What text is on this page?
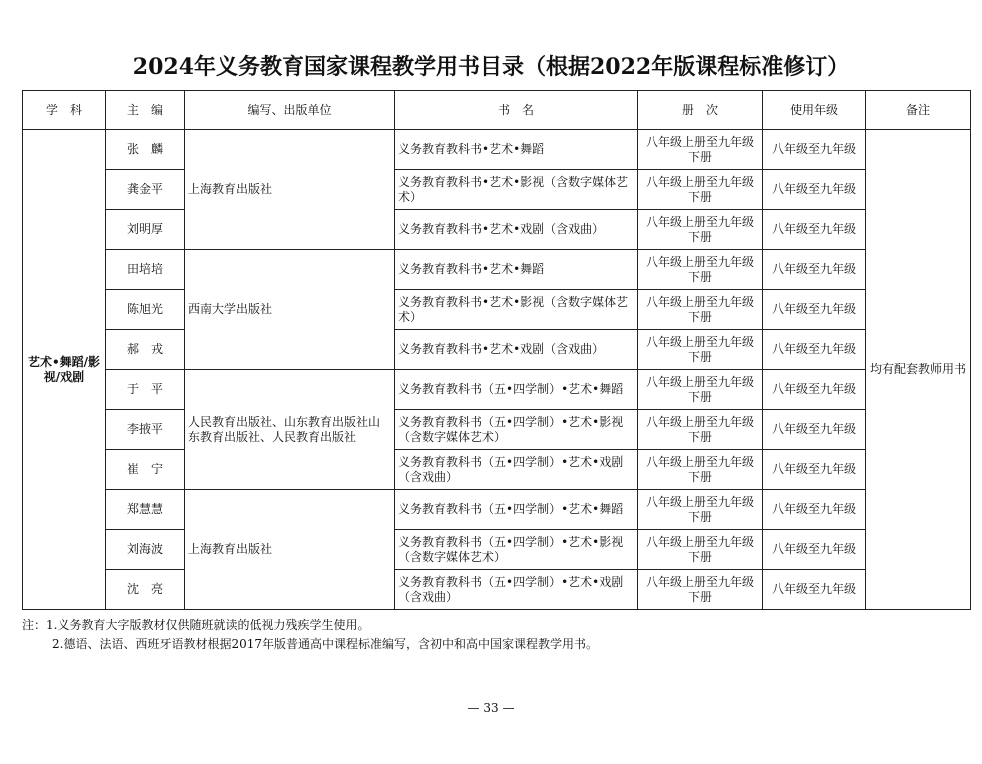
2024年义务教育国家课程教学用书目录（根据2022年版课程标准修订）
学　科	主　编	编写、出版单位	书　名	册　次	使用年级	备注
艺术•舞蹈/影视/戏剧	张　麟	上海教育出版社	义务教育教科书•艺术•舞蹈	八年级上册至九年级下册	八年级至九年级	均有配套教师用书
	龚金平		义务教育教科书•艺术•影视（含数字媒体艺术）	八年级上册至九年级下册	八年级至九年级	
	刘明厚		义务教育教科书•艺术•戏剧（含戏曲）	八年级上册至九年级下册	八年级至九年级	
	田培培	西南大学出版社	义务教育教科书•艺术•舞蹈	八年级上册至九年级下册	八年级至九年级	
	陈旭光		义务教育教科书•艺术•影视（含数字媒体艺术）	八年级上册至九年级下册	八年级至九年级	
	郝　戎		义务教育教科书•艺术•戏剧（含戏曲）	八年级上册至九年级下册	八年级至九年级	
	于　平	人民教育出版社、山东教育出版社山东教育出版社、人民教育出版社	义务教育教科书（五•四学制）•艺术•舞蹈	八年级上册至九年级下册	八年级至九年级	
	李掖平		义务教育教科书（五•四学制）•艺术•影视（含数字媒体艺术）	八年级上册至九年级下册	八年级至九年级	
	崔　宁		义务教育教科书（五•四学制）•艺术•戏剧（含戏曲）	八年级上册至九年级下册	八年级至九年级	
	郑慧慧	上海教育出版社	义务教育教科书（五•四学制）•艺术•舞蹈	八年级上册至九年级下册	八年级至九年级	
	刘海波		义务教育教科书（五•四学制）•艺术•影视（含数字媒体艺术）	八年级上册至九年级下册	八年级至九年级	
	沈　亮		义务教育教科书（五•四学制）•艺术•戏剧（含戏曲）	八年级上册至九年级下册	八年级至九年级	
注：1.义务教育大字版教材仅供随班就读的低视力残疾学生使用。
2.德语、法语、西班牙语教材根据2017年版普通高中课程标准编写，含初中和高中国家课程教学用书。
— 33 —
